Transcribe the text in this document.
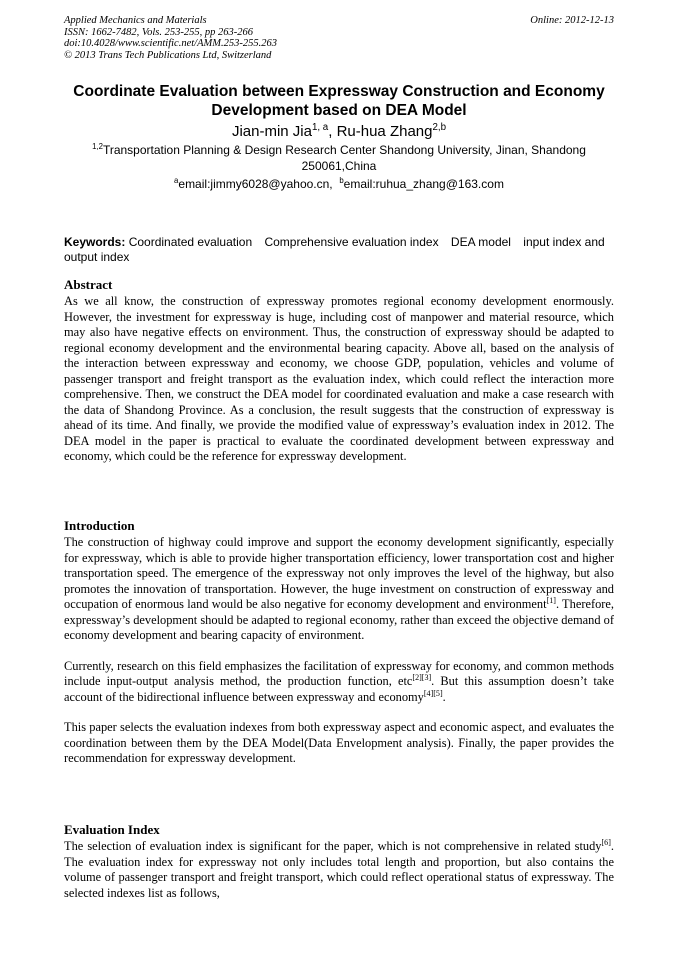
Applied Mechanics and Materials
ISSN: 1662-7482, Vols. 253-255, pp 263-266
doi:10.4028/www.scientific.net/AMM.253-255.263
© 2013 Trans Tech Publications Ltd, Switzerland
Online: 2012-12-13
Coordinate Evaluation between Expressway Construction and Economy
Development based on DEA Model
Jian-min Jia$^{1, a}$, Ru-hua Zhang$^{2,b}$
$^{1,2}$Transportation Planning & Design Research Center Shandong University, Jinan, Shandong 250061,China
$^a$email:jimmy6028@yahoo.cn, $^b$email:ruhua_zhang@163.com
Keywords: Coordinated evaluation Comprehensive evaluation index DEA model input index and output index
Abstract

As we all know, the construction of expressway promotes regional economy development enormously. However, the investment for expressway is huge, including cost of manpower and material resource, which may also have negative effects on environment. Thus, the construction of expressway should be adapted to regional economy development and the environmental bearing capacity. Above all, based on the analysis of the interaction between expressway and economy, we choose GDP, population, vehicles and volume of passenger transport and freight transport as the evaluation index, which could reflect the interaction more comprehensive. Then, we construct the DEA model for coordinated evaluation and make a case research with the data of Shandong Province. As a conclusion, the result suggests that the construction of expressway is ahead of its time. And finally, we provide the modified value of expressway’s evaluation index in 2012. The DEA model in the paper is practical to evaluate the coordinated development between expressway and economy, which could be the reference for expressway development.

Introduction

The construction of highway could improve and support the economy development significantly, especially for expressway, which is able to provide higher transportation efficiency, lower transportation cost and higher transportation speed. The emergence of the expressway not only improves the level of the highway, but also promotes the innovation of transportation. However, the huge investment on construction of expressway and occupation of enormous land would be also negative for economy development and environment[1]. Therefore, expressway’s development should be adapted to regional economy, rather than exceed the objective demand of economy development and bearing capacity of environment.

Currently, research on this field emphasizes the facilitation of expressway for economy, and common methods include input-output analysis method, the production function, etc[2][3]. But this assumption doesn’t take account of the bidirectional influence between expressway and economy[4][5].

This paper selects the evaluation indexes from both expressway aspect and economic aspect, and evaluates the coordination between them by the DEA Model(Data Envelopment analysis). Finally, the paper provides the recommendation for expressway development.

Evaluation Index

The selection of evaluation index is significant for the paper, which is not comprehensive in related study[6]. The evaluation index for expressway not only includes total length and proportion, but also contains the volume of passenger transport and freight transport, which could reflect operational status of expressway. The selected indexes list as follows,
